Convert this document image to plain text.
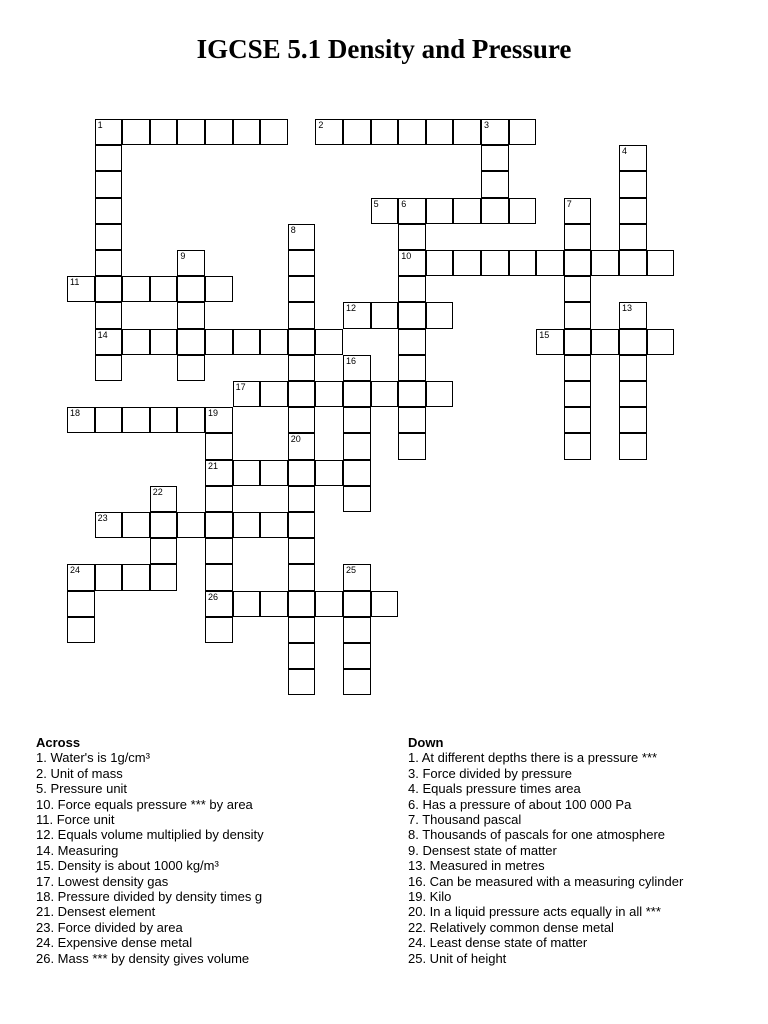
IGCSE 5.1 Density and Pressure
1	2	3
5	6
10
11
12
14	15
17
18	19
21
23
24
26
4
7
8
9
13
16
20
22
25
Across
1. Water's is 1g/cm³
2. Unit of mass
5. Pressure unit
10. Force equals pressure *** by area
11. Force unit
12. Equals volume multiplied by density
14. Measuring
15. Density is about 1000 kg/m³
17. Lowest density gas
18. Pressure divided by density times g
21. Densest element
23. Force divided by area
24. Expensive dense metal
26. Mass *** by density gives volume
Down
1. At different depths there is a pressure ***
3. Force divided by pressure
4. Equals pressure times area
6. Has a pressure of about 100 000 Pa
7. Thousand pascal
8. Thousands of pascals for one atmosphere
9. Densest state of matter
13. Measured in metres
16. Can be measured with a measuring cylinder
19. Kilo
20. In a liquid pressure acts equally in all ***
22. Relatively common dense metal
24. Least dense state of matter
25. Unit of height
